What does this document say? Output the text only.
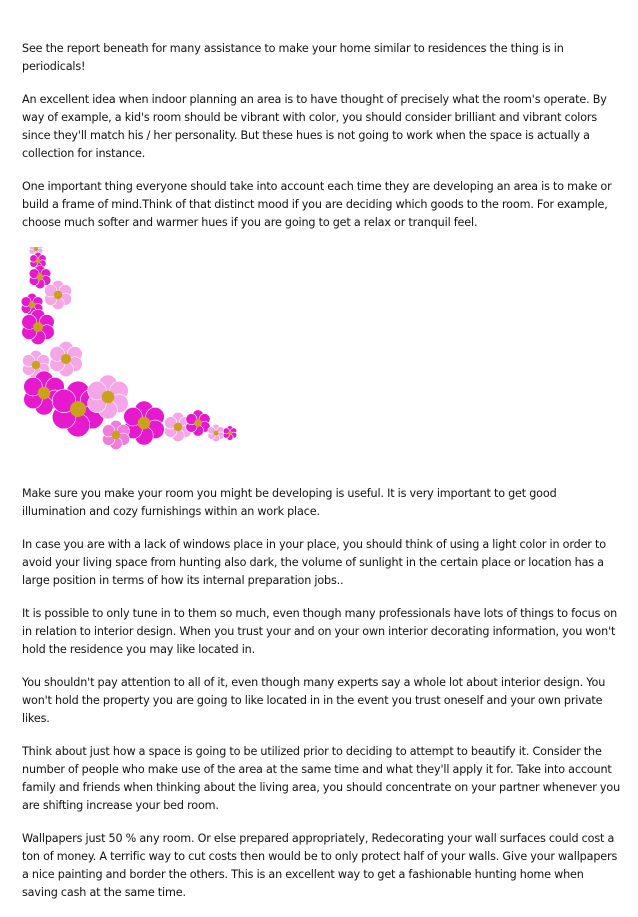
See the report beneath for many assistance to make your home similar to residences the thing is in periodicals!

An excellent idea when indoor planning an area is to have thought of precisely what the room's operate. By way of example, a kid's room should be vibrant with color, you should consider brilliant and vibrant colors since they'll match his / her personality. But these hues is not going to work when the space is actually a collection for instance.

One important thing everyone should take into account each time they are developing an area is to make or build a frame of mind.Think of that distinct mood if you are deciding which goods to the room. For example, choose much softer and warmer hues if you are going to get a relax or tranquil feel.

Make sure you make your room you might be developing is useful. It is very important to get good illumination and cozy furnishings within an work place.

In case you are with a lack of windows place in your place, you should think of using a light color in order to avoid your living space from hunting also dark, the volume of sunlight in the certain place or location has a large position in terms of how its internal preparation jobs..

It is possible to only tune in to them so much, even though many professionals have lots of things to focus on in relation to interior design. When you trust your and on your own interior decorating information, you won't hold the residence you may like located in.

You shouldn't pay attention to all of it, even though many experts say a whole lot about interior design. You won't hold the property you are going to like located in in the event you trust oneself and your own private likes.

Think about just how a space is going to be utilized prior to deciding to attempt to beautify it. Consider the number of people who make use of the area at the same time and what they'll apply it for. Take into account family and friends when thinking about the living area, you should concentrate on your partner whenever you are shifting increase your bed room.

Wallpapers just 50 % any room. Or else prepared appropriately, Redecorating your wall surfaces could cost a ton of money. A terrific way to cut costs then would be to only protect half of your walls. Give your wallpapers a nice painting and border the others. This is an excellent way to get a fashionable hunting home when saving cash at the same time.
